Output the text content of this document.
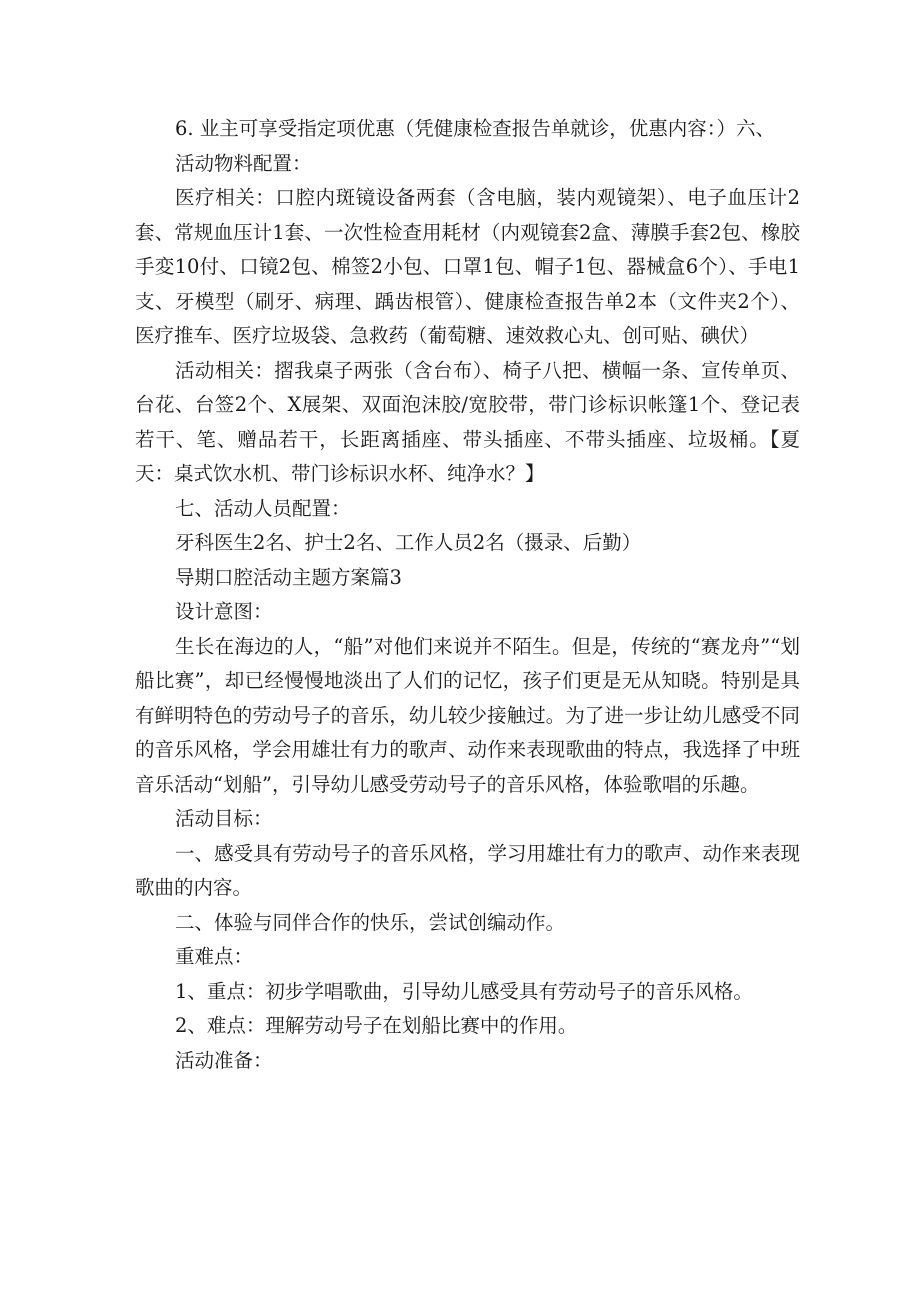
6. 业主可享受指定项优惠（凭健康检查报告单就诊，优惠内容：）六、

活动物料配置：

医疗相关：口腔内斑镜设备两套（含电脑，装内观镜架）、电子血压计2套、常规血压计1套、一次性检查用耗材（内观镜套2盒、薄膜手套2包、橡胶手変10付、口镜2包、棉签2小包、口罩1包、帽子1包、器械盒6个）、手电1支、牙模型（刷牙、病理、踽齿根管）、健康检查报告单2本（文件夹2个）、医疗推车、医疗垃圾袋、急救药（葡萄糖、速效救心丸、创可贴、碘伏）

活动相关：摺我桌子两张（含台布）、椅子八把、横幅一条、宣传单页、台花、台签2个、X展架、双面泡沫胶/宽胶带，带门诊标识帐篷1个、登记表若干、笔、赠品若干，长距离插座、带头插座、不带头插座、垃圾桶。【夏天：桌式饮水机、带门诊标识水杯、纯净水？】

七、活动人员配置：

牙科医生2名、护士2名、工作人员2名（摄录、后勤）

导期口腔活动主题方案篇3

设计意图：

生长在海边的人，“船”对他们来说并不陌生。但是，传统的“赛龙舟”“划船比赛”，却已经慢慢地淡出了人们的记忆，孩子们更是无从知晓。特别是具有鲜明特色的劳动号子的音乐，幼儿较少接触过。为了进一步让幼儿感受不同的音乐风格，学会用雄壮有力的歌声、动作来表现歌曲的特点，我选择了中班音乐活动“划船”，引导幼儿感受劳动号子的音乐风格，体验歌唱的乐趣。

活动目标：

一、感受具有劳动号子的音乐风格，学习用雄壮有力的歌声、动作来表现歌曲的内容。

二、体验与同伴合作的快乐，尝试创编动作。

重难点：

1、重点：初步学唱歌曲，引导幼儿感受具有劳动号子的音乐风格。

2、难点：理解劳动号子在划船比赛中的作用。

活动准备：
